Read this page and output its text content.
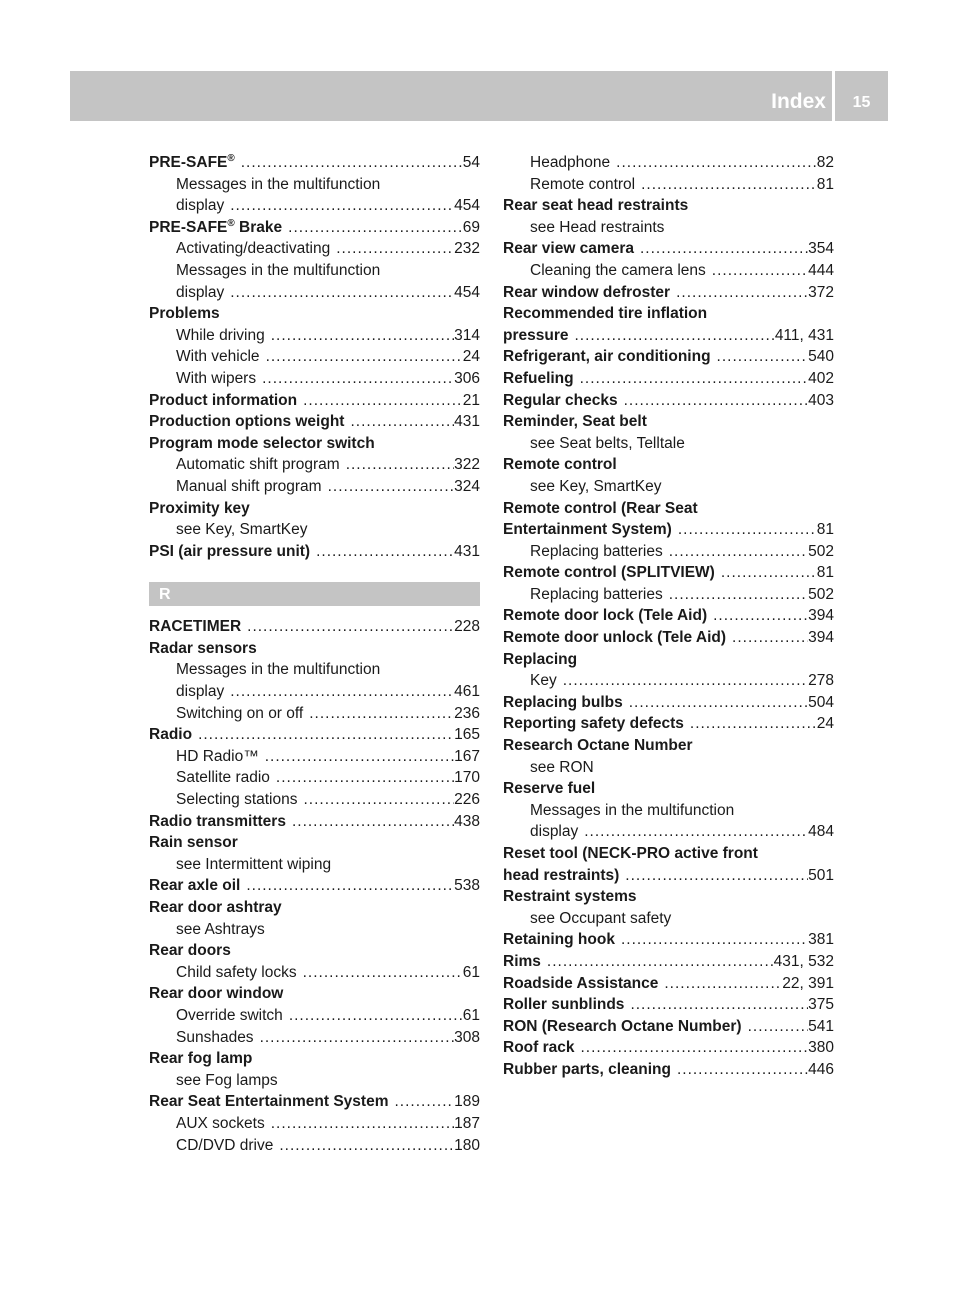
Index	15
PRE-SAFE® .....	54
Messages in the multifunction
display .....	454
PRE-SAFE® Brake .....	69
Activating/deactivating .....	232
Messages in the multifunction
display .....	454
Problems
While driving .....	314
With vehicle .....	24
With wipers .....	306
Product information .....	21
Production options weight .....	431
Program mode selector switch
Automatic shift program .....	322
Manual shift program .....	324
Proximity key
see Key, SmartKey
PSI (air pressure unit) .....	431
R
RACETIMER .....	228
Radar sensors
Messages in the multifunction
display .....	461
Switching on or off .....	236
Radio .....	165
HD Radio™ .....	167
Satellite radio .....	170
Selecting stations .....	226
Radio transmitters .....	438
Rain sensor
see Intermittent wiping
Rear axle oil .....	538
Rear door ashtray
see Ashtrays
Rear doors
Child safety locks .....	61
Rear door window
Override switch .....	61
Sunshades .....	308
Rear fog lamp
see Fog lamps
Rear Seat Entertainment System .....	189
AUX sockets .....	187
CD/DVD drive .....	180
Headphone .....	82
Remote control .....	81
Rear seat head restraints
see Head restraints
Rear view camera .....	354
Cleaning the camera lens .....	444
Rear window defroster .....	372
Recommended tire inflation
pressure .....	411, 431
Refrigerant, air conditioning .....	540
Refueling .....	402
Regular checks .....	403
Reminder, Seat belt
see Seat belts, Telltale
Remote control
see Key, SmartKey
Remote control (Rear Seat
Entertainment System) .....	81
Replacing batteries .....	502
Remote control (SPLITVIEW) .....	81
Replacing batteries .....	502
Remote door lock (Tele Aid) .....	394
Remote door unlock (Tele Aid) .....	394
Replacing
Key .....	278
Replacing bulbs .....	504
Reporting safety defects .....	24
Research Octane Number
see RON
Reserve fuel
Messages in the multifunction
display .....	484
Reset tool (NECK-PRO active front
head restraints) .....	501
Restraint systems
see Occupant safety
Retaining hook .....	381
Rims .....	431, 532
Roadside Assistance .....	22, 391
Roller sunblinds .....	375
RON (Research Octane Number) .....	541
Roof rack .....	380
Rubber parts, cleaning .....	446
